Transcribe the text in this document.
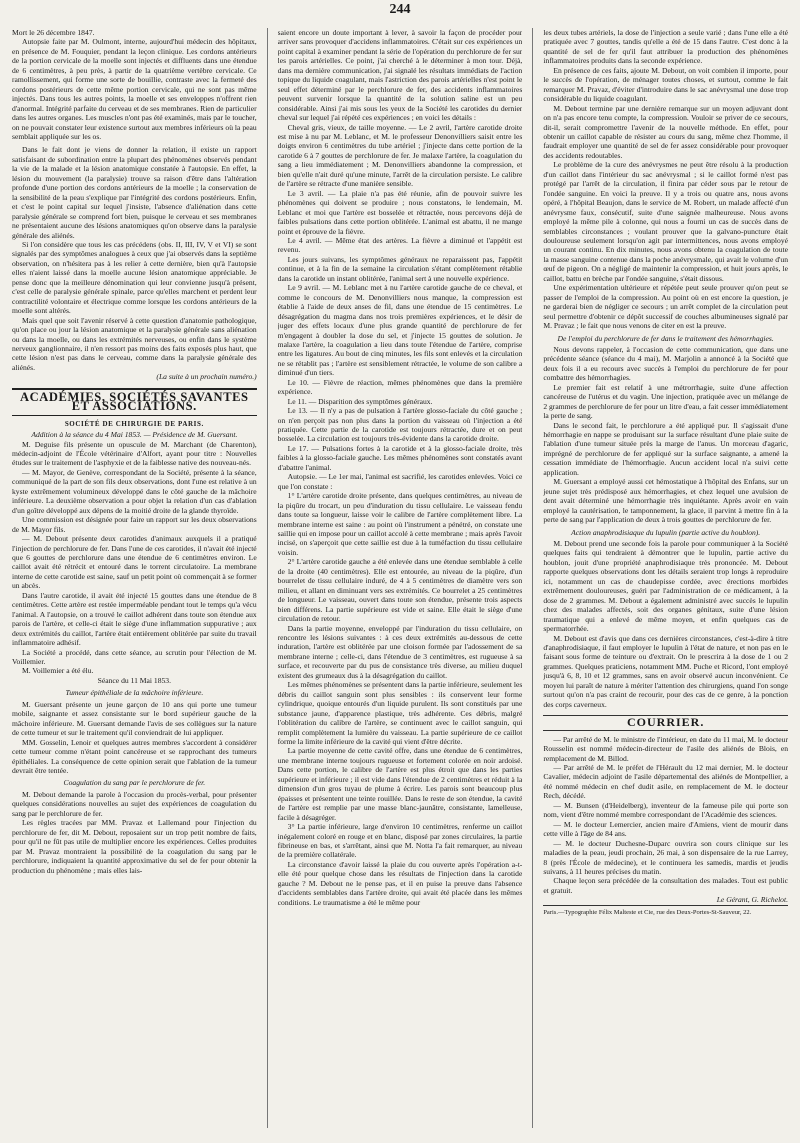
244

Mort le 26 décembre 1847.

Autopsie faite par M. Oulmont, interne, aujourd'hui médecin des hôpitaux, en présence de M. Fouquier, pendant la leçon clinique. Les cordons antérieurs de la portion cervicale de la moelle sont injectés et diffluents dans une étendue de 6 centimètres, à peu près, à partir de la quatrième vertèbre cervicale. Ce ramollissement, qui forme une sorte de bouillie, contraste avec la fermeté des cordons postérieurs de cette même portion cervicale, qui ne sont pas même injectés. Dans tous les autres points, la moelle et ses enveloppes n'offrent rien d'anormal. Intégrité parfaite du cerveau et de ses membranes. Rien de particulier dans les autres organes. Les muscles n'ont pas été examinés, mais par le toucher, on ne pouvait constater leur existence surtout aux membres inférieurs où la peau semblait appliquée sur les os.

Dans le fait dont je viens de donner la relation, il existe un rapport satisfaisant de subordination entre la plupart des phénomènes observés pendant la vie de la malade et la lésion anatomique constatée à l'autopsie. En effet, la lésion du mouvement (la paralysie) trouve sa raison d'être dans l'altération profonde d'une portion des cordons antérieurs de la moelle ; la conservation de la sensibilité de la peau s'explique par l'intégrité des cordons postérieurs. Enfin, et c'est le point capital sur lequel j'insiste, l'absence d'aliénation dans cette paralysie générale se comprend fort bien, puisque le cerveau et ses membranes ne présentaient aucune des lésions anatomiques qu'on observe dans la paralysie générale des aliénés.

Si l'on considère que tous les cas précédens (obs. II, III, IV, V et VI) se sont signalés par des symptômes analogues à ceux que j'ai observés dans la septième observation, on n'hésitera pas à les relier à cette dernière, bien qu'à l'autopsie elles n'aient laissé dans la moelle aucune lésion anatomique appréciable. Je pense donc que la meilleure dénomination qui leur convienne jusqu'à présent, c'est celle de paralysie générale spinale, parce qu'elles marchent et perdent leur contractilité volontaire et électrique comme lorsque les cordons antérieurs de la moelle sont altérés.

Mais quel que soit l'avenir réservé à cette question d'anatomie pathologique, qu'on place ou jour la lésion anatomique et la paralysie générale sans aliénation ou dans la moelle, ou dans les extrémités nerveuses, ou enfin dans le système nerveux ganglionnaire, il n'en ressort pas moins des faits exposés plus haut, que cette lésion n'est pas dans le cerveau, comme dans la paralysie générale des aliénés.

(La suite à un prochain numéro.)

ACADÉMIES, SOCIÉTÉS SAVANTES ET ASSOCIATIONS.
SOCIÉTÉ DE CHIRURGIE DE PARIS.

Addition à la séance du 4 Mai 1853. — Présidence de M. Guersant.

M. Deguise fils présente un opuscule de M. Marchant (de Charenton), médecin-adjoint de l'École vétérinaire d'Alfort, ayant pour titre : Nouvelles études sur le traitement de l'asphyxie et de la faiblesse native des nouveau-nés.

— M. Mayor, de Genève, correspondant de la Société, présente à la séance, communiqué de la part de son fils deux observations, dont l'une est relative à un kyste extrêmement volumineux développé dans le côté gauche de la mâchoire inférieure. La deuxième observation a pour objet la relation d'un cas d'ablation d'un goître développé aux dépens de la moitié droite de la glande thyroïde.

Une commission est désignée pour faire un rapport sur les deux observations de M. Mayor fils.

— M. Debout présente deux carotides d'animaux auxquels il a pratiqué l'injection de perchlorure de fer. Dans l'une de ces carotides, il n'avait été injecté que 6 gouttes de perchlorure dans une étendue de 6 centimètres environ. Le caillot avait été rétrécit et entouré dans le torrent circulatoire. La membrane interne de cette carotide est saine, sauf un petit point où commençait à se former un abcès.

Dans l'autre carotide, il avait été injecté 15 gouttes dans une étendue de 8 centimètres. Cette artère est restée imperméable pendant tout le temps qu'a vécu l'animal. A l'autopsie, on a trouvé le caillot adhérent dans toute son étendue aux parois de l'artère, et celle-ci était le siège d'une inflammation suppurative ; aux deux extrémités du caillot, l'artère était entièrement oblitérée par suite du travail inflammatoire adhésif.

La Société a procédé, dans cette séance, au scrutin pour l'élection de M. Voillemier.

M. Voillemier a été élu.

Séance du 11 Mai 1853.

Tumeur épithéliale de la mâchoire inférieure.

M. Guersant présente un jeune garçon de 10 ans qui porte une tumeur mobile, saignante et assez consistante sur le bord supérieur gauche de la mâchoire inférieure. M. Guersant demande l'avis de ses collègues sur la nature de cette tumeur et sur le traitement qu'il conviendrait de lui appliquer.

MM. Gosselin, Lenoir et quelques autres membres s'accordent à considérer cette tumeur comme n'étant point cancéreuse et se rapprochant des tumeurs épithéliales. La conséquence de cette opinion serait que l'ablation de la tumeur devrait être tentée.

Coagulation du sang par le perchlorure de fer.

M. Debout demande la parole à l'occasion du procès-verbal, pour présenter quelques considérations nouvelles au sujet des expériences de coagulation du sang par le perchlorure de fer.

Les règles tracées par MM. Pravaz et Lallemand pour l'injection du perchlorure de fer, dit M. Debout, reposaient sur un trop petit nombre de faits, pour qu'il ne fût pas utile de multiplier encore les expériences. Celles produites par M. Pravaz montraient la possibilité de la coagulation du sang par le perchlorure, indiquaient la quantité approximative du sel de fer pour obtenir la production du phénomène ; mais elles lais-

saient encore un doute important à lever, à savoir la façon de procéder pour arriver sans provoquer d'accidens inflammatoires. C'était sur ces expériences un point capital à examiner pendant la série de l'opération du perchlorure de fer sur les parois artérielles. Ce point, j'ai cherché à le déterminer à mon tour. Déjà, dans ma dernière communication, j'ai signalé les résultats immédiats de l'action topique du liquide coagulant, mais l'astriction des parois artérielles n'est point le seul effet déterminé par le perchlorure de fer, des accidents inflammatoires peuvent survenir lorsque la quantité de la solution saline est un peu considérable. Ainsi j'ai mis sous les yeux de la Société les carotides du dernier cheval sur lequel j'ai répété ces expériences ; en voici les détails :

Cheval gris, vieux, de taille moyenne. — Le 2 avril, l'artère carotide droite est mise à nu par M. Leblanc, et M. le professeur Denonvilliers saisit entre les doigts environ 6 centimètres du tube artériel ; j'injecte dans cette portion de la carotide 6 à 7 gouttes de perchlorure de fer. Je malaxe l'artère, la coagulation du sang a lieu immédiatement ; M. Denonvilliers abandonne la compression, et bien qu'elle n'ait duré qu'une minute, l'arrêt de la circulation persiste. Le calibre de l'artère se rétracte d'une manière sensible.

Le 3 avril. — La plaie n'a pas été réunie, afin de pouvoir suivre les phénomènes qui doivent se produire ; nous constatons, le lendemain, M. Leblanc et moi que l'artère est bosselée et rétractée, nous percevons déjà de faibles pulsations dans cette portion oblitérée. L'animal est abattu, il ne mange point et éprouve de la fièvre.

Le 4 avril. — Même état des artères. La fièvre a diminué et l'appétit est revenu.

Les jours suivans, les symptômes généraux ne reparaissent pas, l'appétit continue, et à la fin de la semaine la circulation s'étant complètement rétablie dans la carotide un instant oblitérée, l'animal sert à une nouvelle expérience.

Le 9 avril. — M. Leblanc met à nu l'artère carotide gauche de ce cheval, et comme le concours de M. Denonvilliers nous manque, la compression est établie à l'aide de deux anses de fil, dans une étendue de 15 centimètres. Le désagrégation du magma dans nos trois premières expériences, et le désir de juger des effets locaux d'une plus grande quantité de perchlorure de fer m'engagent à doubler la dose du sel, et j'injecte 15 gouttes de solution. Je malaxe l'artère, la coagulation a lieu dans toute l'étendue de l'artère, comprise entre les ligatures. Au bout de cinq minutes, les fils sont enlevés et la circulation ne se rétablit pas ; l'artère est sensiblement rétractée, le volume de son calibre a diminué d'un tiers.

Le 10. — Fièvre de réaction, mêmes phénomènes que dans la première expérience.

Le 11. — Disparition des symptômes généraux.

Le 13. — Il n'y a pas de pulsation à l'artère glosso-faciale du côté gauche ; on n'en perçoit pas non plus dans la portion du vaisseau où l'injection a été pratiquée. Cette partie de la carotide est toujours rétractée, dure et on peut bosselée. La circulation est toujours très-évidente dans la carotide droite.

Le 17. — Pulsations fortes à la carotide et à la glosso-faciale droite, très faibles à la glosso-faciale gauche. Les mêmes phénomènes sont constatés avant d'abattre l'animal.

Autopsie. — Le 1er mai, l'animal est sacrifié, les carotides enlevées. Voici ce que l'on constate :

1° L'artère carotide droite présente, dans quelques centimètres, au niveau de la piqûre du trocart, un peu d'induration du tissu cellulaire. Le vaisseau fendu dans toute sa longueur, laisse voir le calibre de l'artère complètement libre. La membrane interne est saine : au point où l'instrument a pénétré, on constate une saillie qui en impose pour un caillot accolé à cette membrane ; mais après l'avoir incisé, on s'aperçoit que cette saillie est due à la tuméfaction du tissu cellulaire voisin.

2° L'artère carotide gauche a été enlevée dans une étendue semblable à celle de la droite (40 centimètres). Elle est entourée, au niveau de la piqûre, d'un bourrelet de tissu cellulaire induré, de 4 à 5 centimètres de diamètre vers son milieu, et allant en diminuant vers ses extrémités. Ce bourrelet a 25 centimètres de longueur. Le vaisseau, ouvert dans toute son étendue, présente trois aspects bien différens. La partie supérieure est vide et saine. Elle était le siège d'une circulation de retour.

Dans la partie moyenne, enveloppé par l'induration du tissu cellulaire, on rencontre les lésions suivantes : à ces deux extrémités au-dessous de cette induration, l'artère est oblitérée par une cloison formée par l'adossement de sa membrane interne ; celle-ci, dans l'étendue de 3 centimètres, est rugueuse à sa surface, et recouverte par du pus de consistance très diverse, au milieu duquel existent des grumeaux dus à la désagrégation du caillot.

Les mêmes phénomènes se présentent dans la partie inférieure, seulement les débris du caillot sanguin sont plus sensibles : ils conservent leur forme cylindrique, quoique entourés d'un liquide purulent. Ils sont constitués par une substance jaune, d'apparence plastique, très adhérente. Ces débris, malgré l'oblitération du calibre de l'artère, se continuent avec le caillot sanguin, qui remplit complètement la lumière du vaisseau. La partie supérieure de ce caillot forme la limite inférieure de la cavité qui vient d'être décrite.

La partie moyenne de cette cavité offre, dans une étendue de 6 centimètres, une membrane interne toujours rugueuse et fortement colorée en noir ardoisé. Dans cette portion, le calibre de l'artère est plus étroit que dans les parties supérieure et inférieure ; il est vide dans l'étendue de 2 centimètres et réduit à la dimension d'un gros tuyau de plume à écrire. Les parois sont beaucoup plus épaisses et présentent une teinte rouillée. Dans le reste de son étendue, la cavité de l'artère est remplie par une masse blanc-jaunâtre, consistante, lamelleuse, facile à désagréger.

3° La partie inférieure, large d'environ 10 centimètres, renferme un caillot inégalement coloré en rouge et en blanc, disposé par zones circulaires, la partie fibrineuse en bas, et s'arrêtant, ainsi que M. Notta l'a fait remarquer, au niveau de la première collatérale.

La circonstance d'avoir laissé la plaie du cou ouverte après l'opération a-t-elle été pour quelque chose dans les résultats de l'injection dans la carotide gauche ? M. Debout ne le pense pas, et il en puise la preuve dans l'absence d'accidents semblables dans l'artère droite, qui avait été placée dans les mêmes conditions. Le traumatisme a été le même pour

les deux tubes artériels, la dose de l'injection a seule varié ; dans l'une elle a été pratiquée avec 7 gouttes, tandis qu'elle a été de 15 dans l'autre. C'est donc à la quantité de sel de fer qu'il faut attribuer la production des phénomènes inflammatoires produits dans la seconde expérience.

En présence de ces faits, ajoute M. Debout, on voit combien il importe, pour le succès de l'opération, de ménager toutes choses, et surtout, comme le fait remarquer M. Pravaz, d'éviter d'introduire dans le sac anévrysmal une dose trop considérable du liquide coagulant.

M. Debout termine par une dernière remarque sur un moyen adjuvant dont on n'a pas encore tenu compte, la compression. Vouloir se priver de ce secours, dit-il, serait compromettre l'avenir de la nouvelle méthode. En effet, pour obtenir un caillot capable de résister au cours du sang, même chez l'homme, il faudrait employer une quantité de sel de fer assez considérable pour provoquer des accidents redoutables.

Le problème de la cure des anévrysmes ne peut être résolu à la production d'un caillot dans l'intérieur du sac anévrysmal ; si le caillot formé n'est pas protégé par l'arrêt de la circulation, il finira par céder sous par le retour de l'ondée sanguine. En voici la preuve. Il y a trois ou quatre ans, nous avons opéré, à l'hôpital Beaujon, dans le service de M. Robert, un malade affecté d'un anévrysme faux, consécutif, suite d'une saignée malheureuse. Nous avons employé la même pile à colonne, qui nous a fourni un cas de succès dans de semblables circonstances ; voulant prouver que la galvano-puncture était douloureuse seulement lorsqu'on agit par intermittences, nous avons employé un courant continu. En dix minutes, nous avons obtenu la coagulation de toute la masse sanguine contenue dans la poche anévrysmale, qui avait le volume d'un œuf de pigeon. On a négligé de maintenir la compression, et huit jours après, le caillot, battu en brèche par l'ondée sanguine, s'était dissous.

Une expérimentation ultérieure et répétée peut seule prouver qu'on peut se passer de l'emploi de la compression. Au point où en est encore la question, je ne garderai bien de négliger ce secours ; un arrêt complet de la circulation peut seul permettre d'obtenir ce dépôt successif de couches albumineuses signalé par M. Pravaz ; le fait que nous venons de citer en est la preuve.

De l'emploi du perchlorure de fer dans le traitement des hémorrhagies.

Nous devons rappeler, à l'occasion de cette communication, que dans une précédente séance (séance du 4 mai), M. Marjolin a annoncé à la Société que deux fois il a eu recours avec succès à l'emploi du perchlorure de fer pour combattre des hémorrhagies.

Le premier fait est relatif à une métrorrhagie, suite d'une affection cancéreuse de l'utérus et du vagin. Une injection, pratiquée avec un mélange de 2 grammes de perchlorure de fer pour un litre d'eau, a fait cesser immédiatement la perte de sang.

Dans le second fait, le perchlorure a été appliqué pur. Il s'agissait d'une hémorrhagie en nappe se produisant sur la surface résultant d'une plaie suite de l'ablation d'une tumeur située près la marge de l'anus. Un morceau d'agaric, imprégné de perchlorure de fer appliqué sur la surface saignante, a amené la cessation immédiate de l'hémorrhagie. Aucun accident local n'a suivi cette application.

M. Guersant a employé aussi cet hémostatique à l'hôpital des Enfans, sur un jeune sujet très prédisposé aux hémorrhagies, et chez lequel une avulsion de dent avait déterminé une hémorrhagie très inquiétante. Après avoir en vain employé la cautérisation, le tamponnement, la glace, il parvint à mettre fin à la perte de sang par l'application de deux à trois gouttes de perchlorure de fer.

Action anaphrodisiaque du lupulin (partie active du houblon).

M. Debout prend une seconde fois la parole pour communiquer à la Société quelques faits qui tendraient à démontrer que le lupulin, partie active du houblon, jouit d'une propriété anaphrodisiaque très prononcée. M. Debout rapporte quelques observations dont les détails seraient trop longs à reproduire ici, notamment un cas de chaudepisse cordée, avec érections morbides extrêmement douloureuses, guéri par l'administration de ce médicament, à la dose de 2 grammes. M. Debout a également administré avec succès le lupulin chez des malades affectés, soit des organes génitaux, suite d'une lésion traumatique qui a enlevé de même moyen, et enfin quelques cas de spermatorrhée.

M. Debout est d'avis que dans ces dernières circonstances, c'est-à-dire à titre d'anaphrodisiaque, il faut employer le lupulin à l'état de nature, et non pas en le faisant sous forme de teinture ou d'extrait. On le prescrira à la dose de 1 ou 2 grammes. Quelques praticiens, notamment MM. Puche et Ricord, l'ont employé jusqu'à 6, 8, 10 et 12 grammes, sans en avoir observé aucun inconvénient. Ce moyen lui paraît de nature à mériter l'attention des chirurgiens, quand l'on songe surtout qu'on n'a pas craint de recourir, pour des cas de ce genre, à la ponction des corps caverneux.

COURRIER.

— Par arrêté de M. le ministre de l'intérieur, en date du 11 mai, M. le docteur Rousselin est nommé médecin-directeur de l'asile des aliénés de Blois, en remplacement de M. Billod.

— Par arrêté de M. le préfet de l'Hérault du 12 mai dernier, M. le docteur Cavalier, médecin adjoint de l'asile départemental des aliénés de Montpellier, a été nommé médecin en chef dudit asile, en remplacement de M. le docteur Rech, décédé.

— M. Bunsen (d'Heidelberg), inventeur de la fameuse pile qui porte son nom, vient d'être nommé membre correspondant de l'Académie des sciences.

— M. le docteur Lemercier, ancien maire d'Amiens, vient de mourir dans cette ville à l'âge de 84 ans.

— M. le docteur Duchesne-Duparc ouvrira son cours clinique sur les maladies de la peau, jeudi prochain, 26 mai, à son dispensaire de la rue Larrey, 8 (près l'École de médecine), et le continuera les samedis, mardis et jeudis suivans, à 11 heures précises du matin.

Chaque leçon sera précédée de la consultation des malades. Tout est public et gratuit.

Le Gérant, G. Richelot.

Paris.—Typographie Félix Malteste et Cie, rue des Deux-Portes-St-Sauveur, 22.
